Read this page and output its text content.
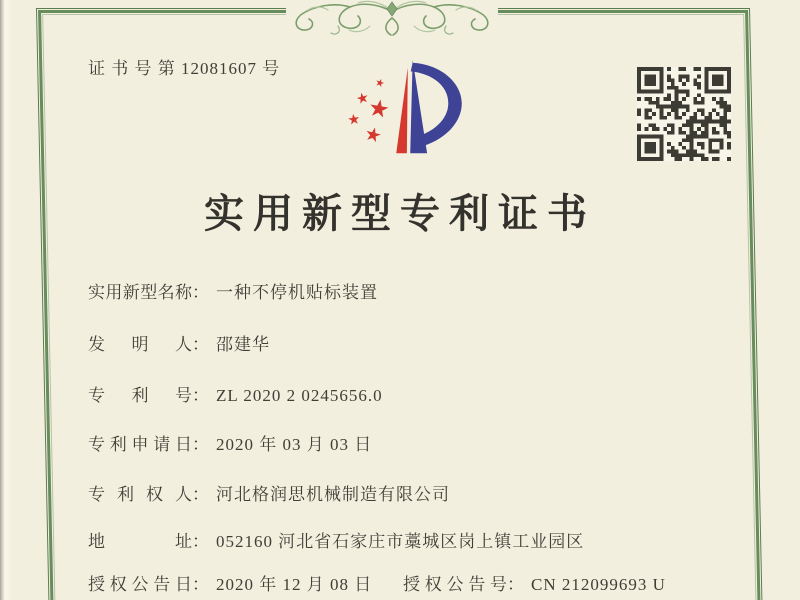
证 书 号 第 12081607 号
实用新型专利证书
实用新型名称： 一种不停机贴标装置
发明人： 邵建华
专利号： ZL 2020 2 0245656.0
专利申请日： 2020 年 03 月 03 日
专利权人： 河北格润思机械制造有限公司
地址： 052160 河北省石家庄市藁城区岗上镇工业园区
授权公告日： 2020 年 12 月 08 日 授权公告号： CN 212099693 U
